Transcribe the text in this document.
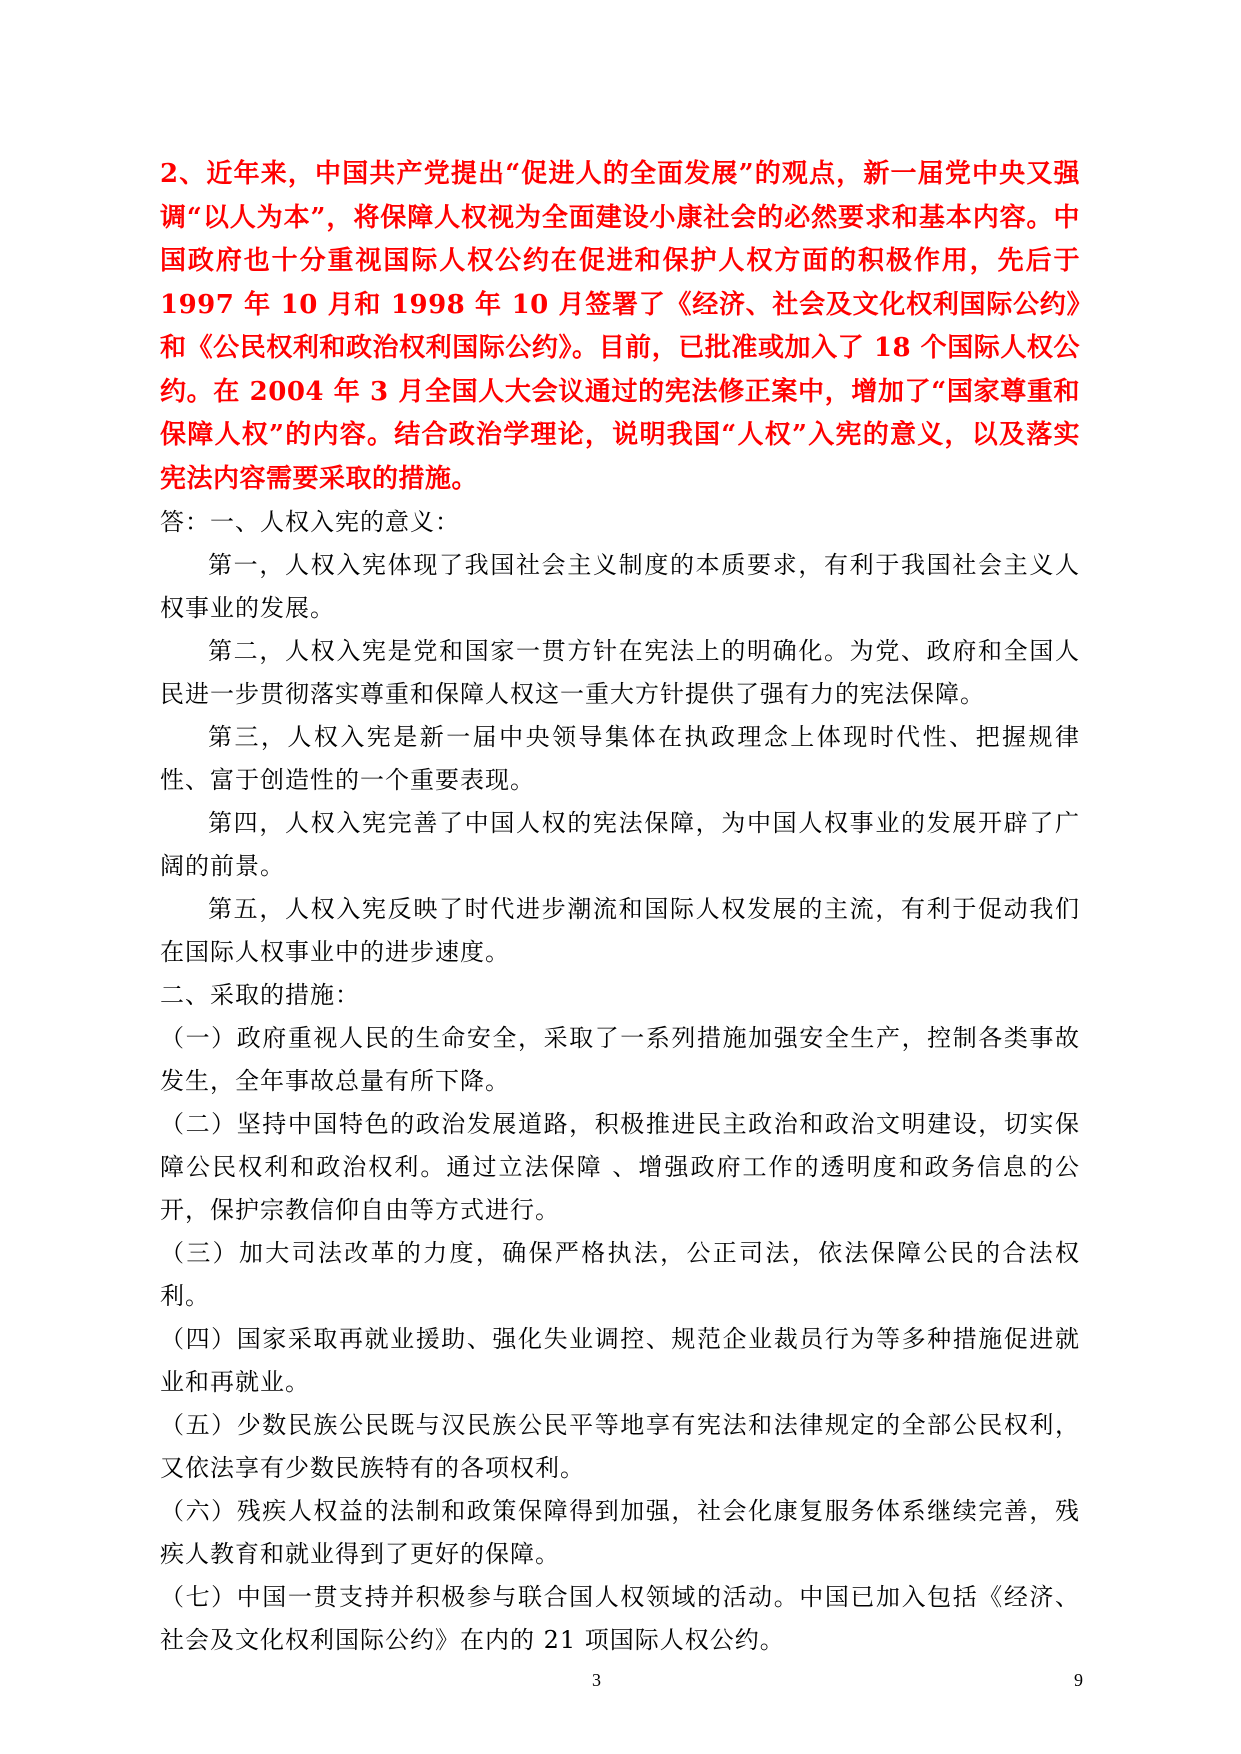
2、近年来，中国共产党提出“促进人的全面发展”的观点，新一届党中央又强调“以人为本”，将保障人权视为全面建设小康社会的必然要求和基本内容。中国政府也十分重视国际人权公约在促进和保护人权方面的积极作用，先后于 1997 年 10 月和 1998 年 10 月签署了《经济、社会及文化权利国际公约》和《公民权利和政治权利国际公约》。目前，已批准或加入了 18 个国际人权公约。在 2004 年 3 月全国人大会议通过的宪法修正案中，增加了“国家尊重和保障人权”的内容。结合政治学理论，说明我国“人权”入宪的意义，以及落实宪法内容需要采取的措施。

答：一、人权入宪的意义：

第一，人权入宪体现了我国社会主义制度的本质要求，有利于我国社会主义人权事业的发展。

第二，人权入宪是党和国家一贯方针在宪法上的明确化。为党、政府和全国人民进一步贯彻落实尊重和保障人权这一重大方针提供了强有力的宪法保障。

第三，人权入宪是新一届中央领导集体在执政理念上体现时代性、把握规律性、富于创造性的一个重要表现。

第四，人权入宪完善了中国人权的宪法保障，为中国人权事业的发展开辟了广阔的前景。

第五，人权入宪反映了时代进步潮流和国际人权发展的主流，有利于促动我们在国际人权事业中的进步速度。

二、采取的措施：

（一）政府重视人民的生命安全，采取了一系列措施加强安全生产，控制各类事故发生，全年事故总量有所下降。

（二）坚持中国特色的政治发展道路，积极推进民主政治和政治文明建设，切实保障公民权利和政治权利。通过立法保障 、增强政府工作的透明度和政务信息的公开，保护宗教信仰自由等方式进行。

（三）加大司法改革的力度，确保严格执法，公正司法，依法保障公民的合法权利。

（四）国家采取再就业援助、强化失业调控、规范企业裁员行为等多种措施促进就业和再就业。

（五）少数民族公民既与汉民族公民平等地享有宪法和法律规定的全部公民权利，又依法享有少数民族特有的各项权利。

（六）残疾人权益的法制和政策保障得到加强，社会化康复服务体系继续完善，残疾人教育和就业得到了更好的保障。

（七）中国一贯支持并积极参与联合国人权领域的活动。中国已加入包括《经济、社会及文化权利国际公约》在内的 21 项国际人权公约。

3	9
